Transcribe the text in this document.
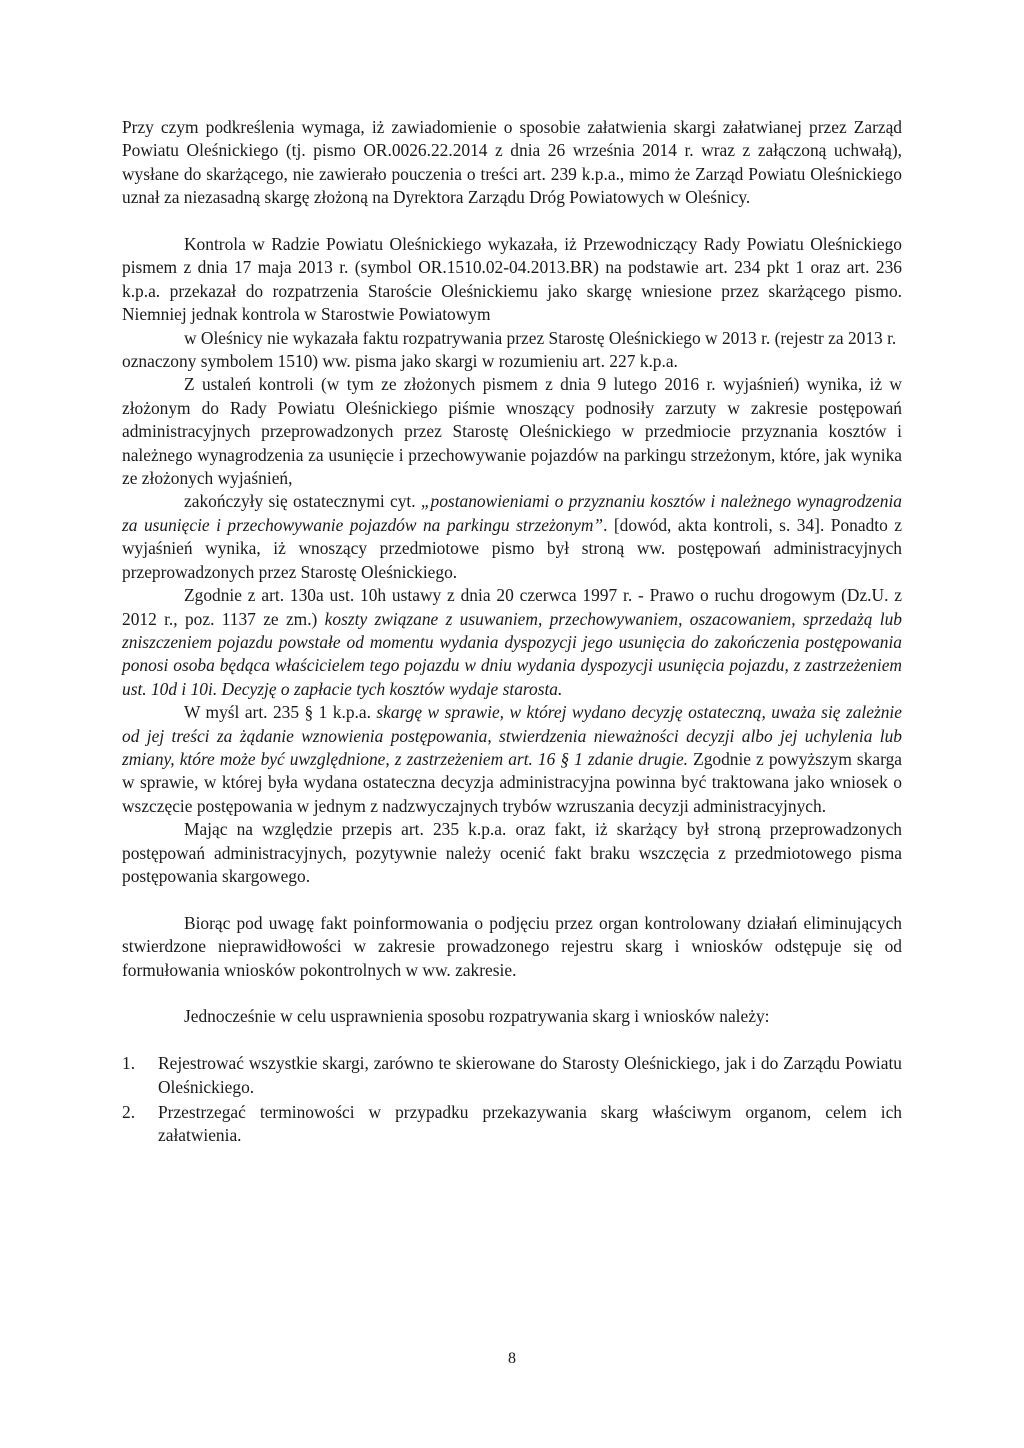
Przy czym podkreślenia wymaga, iż zawiadomienie o sposobie załatwienia skargi załatwianej przez Zarząd Powiatu Oleśnickiego (tj. pismo OR.0026.22.2014 z dnia 26 września 2014 r. wraz z załączoną uchwałą), wysłane do skarżącego, nie zawierało pouczenia o treści art. 239 k.p.a., mimo że Zarząd Powiatu Oleśnickiego uznał za niezasadną skargę złożoną na Dyrektora Zarządu Dróg Powiatowych w Oleśnicy.

Kontrola w Radzie Powiatu Oleśnickiego wykazała, iż Przewodniczący Rady Powiatu Oleśnickiego pismem z dnia 17 maja 2013 r. (symbol OR.1510.02-04.2013.BR) na podstawie art. 234 pkt 1 oraz art. 236 k.p.a. przekazał do rozpatrzenia Staroście Oleśnickiemu jako skargę wniesione przez skarżącego pismo. Niemniej jednak kontrola w Starostwie Powiatowym
w Oleśnicy nie wykazała faktu rozpatrywania przez Starostę Oleśnickiego w 2013 r. (rejestr za 2013 r. oznaczony symbolem 1510) ww. pisma jako skargi w rozumieniu art. 227 k.p.a.

Z ustaleń kontroli (w tym ze złożonych pismem z dnia 9 lutego 2016 r. wyjaśnień) wynika, iż w złożonym do Rady Powiatu Oleśnickiego piśmie wnoszący podnosiły zarzuty w zakresie postępowań administracyjnych przeprowadzonych przez Starostę Oleśnickiego w przedmiocie przyznania kosztów i należnego wynagrodzenia za usunięcie i przechowywanie pojazdów na parkingu strzeżonym, które, jak wynika ze złożonych wyjaśnień,
zakończyły się ostatecznymi cyt. „postanowieniami o przyznaniu kosztów i należnego wynagrodzenia za usunięcie i przechowywanie pojazdów na parkingu strzeżonym”. [dowód, akta kontroli, s. 34]. Ponadto z wyjaśnień wynika, iż wnoszący przedmiotowe pismo był stroną ww. postępowań administracyjnych przeprowadzonych przez Starostę Oleśnickiego.

Zgodnie z art. 130a ust. 10h ustawy z dnia 20 czerwca 1997 r. - Prawo o ruchu drogowym (Dz.U. z 2012 r., poz. 1137 ze zm.) koszty związane z usuwaniem, przechowywaniem, oszacowaniem, sprzedażą lub zniszczeniem pojazdu powstałe od momentu wydania dyspozycji jego usunięcia do zakończenia postępowania ponosi osoba będąca właścicielem tego pojazdu w dniu wydania dyspozycji usunięcia pojazdu, z zastrzeżeniem ust. 10d i 10i. Decyzję o zapłacie tych kosztów wydaje starosta.

W myśl art. 235 § 1 k.p.a. skargę w sprawie, w której wydano decyzję ostateczną, uważa się zależnie od jej treści za żądanie wznowienia postępowania, stwierdzenia nieważności decyzji albo jej uchylenia lub zmiany, które może być uwzględnione, z zastrzeżeniem art. 16 § 1 zdanie drugie. Zgodnie z powyższym skarga w sprawie, w której była wydana ostateczna decyzja administracyjna powinna być traktowana jako wniosek o wszczęcie postępowania w jednym z nadzwyczajnych trybów wzruszania decyzji administracyjnych.

Mając na względzie przepis art. 235 k.p.a. oraz fakt, iż skarżący był stroną przeprowadzonych postępowań administracyjnych, pozytywnie należy ocenić fakt braku wszczęcia z przedmiotowego pisma postępowania skargowego.

Biorąc pod uwagę fakt poinformowania o podjęciu przez organ kontrolowany działań eliminujących stwierdzone nieprawidłowości w zakresie prowadzonego rejestru skarg i wniosków odstępuje się od formułowania wniosków pokontrolnych w ww. zakresie.

Jednocześnie w celu usprawnienia sposobu rozpatrywania skarg i wniosków należy:

1. Rejestrować wszystkie skargi, zarówno te skierowane do Starosty Oleśnickiego, jak i do Zarządu Powiatu Oleśnickiego.
2. Przestrzegać terminowości w przypadku przekazywania skarg właściwym organom, celem ich załatwienia.
8
